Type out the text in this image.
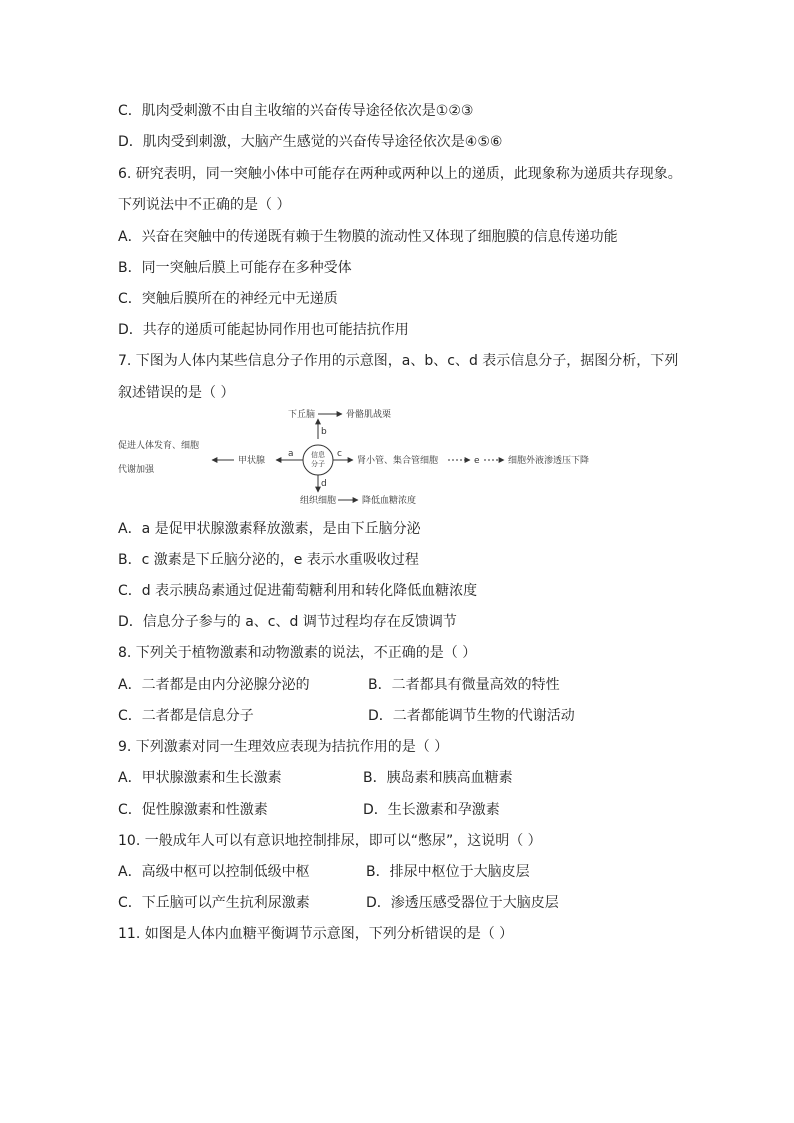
C．肌肉受刺激不由自主收缩的兴奋传导途径依次是①②③
D．肌肉受到刺激，大脑产生感觉的兴奋传导途径依次是④⑤⑥
6. 研究表明，同一突触小体中可能存在两种或两种以上的递质，此现象称为递质共存现象。
下列说法中不正确的是（ ）
A．兴奋在突触中的传递既有赖于生物膜的流动性又体现了细胞膜的信息传递功能
B．同一突触后膜上可能存在多种受体
C．突触后膜所在的神经元中无递质
D．共存的递质可能起协同作用也可能拮抗作用
7. 下图为人体内某些信息分子作用的示意图，a、b、c、d 表示信息分子，据图分析，下列
叙述错误的是（ ）
下丘脑	骨骼肌战栗
b
促进人体发育、细胞
代谢加强
甲状腺
a 信息
分子
c
肾小管、集合管细胞	e	细胞外液渗透压下降
d
组织细胞	降低血糖浓度
A．a 是促甲状腺激素释放激素，是由下丘脑分泌
B．c 激素是下丘脑分泌的，e 表示水重吸收过程
C．d 表示胰岛素通过促进葡萄糖利用和转化降低血糖浓度
D．信息分子参与的 a、c、d 调节过程均存在反馈调节
8. 下列关于植物激素和动物激素的说法，不正确的是（ ）
A．二者都是由内分泌腺分泌的	B．二者都具有微量高效的特性
C．二者都是信息分子	D．二者都能调节生物的代谢活动
9. 下列激素对同一生理效应表现为拮抗作用的是（ ）
A．甲状腺激素和生长激素	B．胰岛素和胰高血糖素
C．促性腺激素和性激素	D．生长激素和孕激素
10. 一般成年人可以有意识地控制排尿，即可以“憋尿”，这说明（ ）
A．高级中枢可以控制低级中枢	B．排尿中枢位于大脑皮层
C．下丘脑可以产生抗利尿激素	D．渗透压感受器位于大脑皮层
11. 如图是人体内血糖平衡调节示意图，下列分析错误的是（ ）
